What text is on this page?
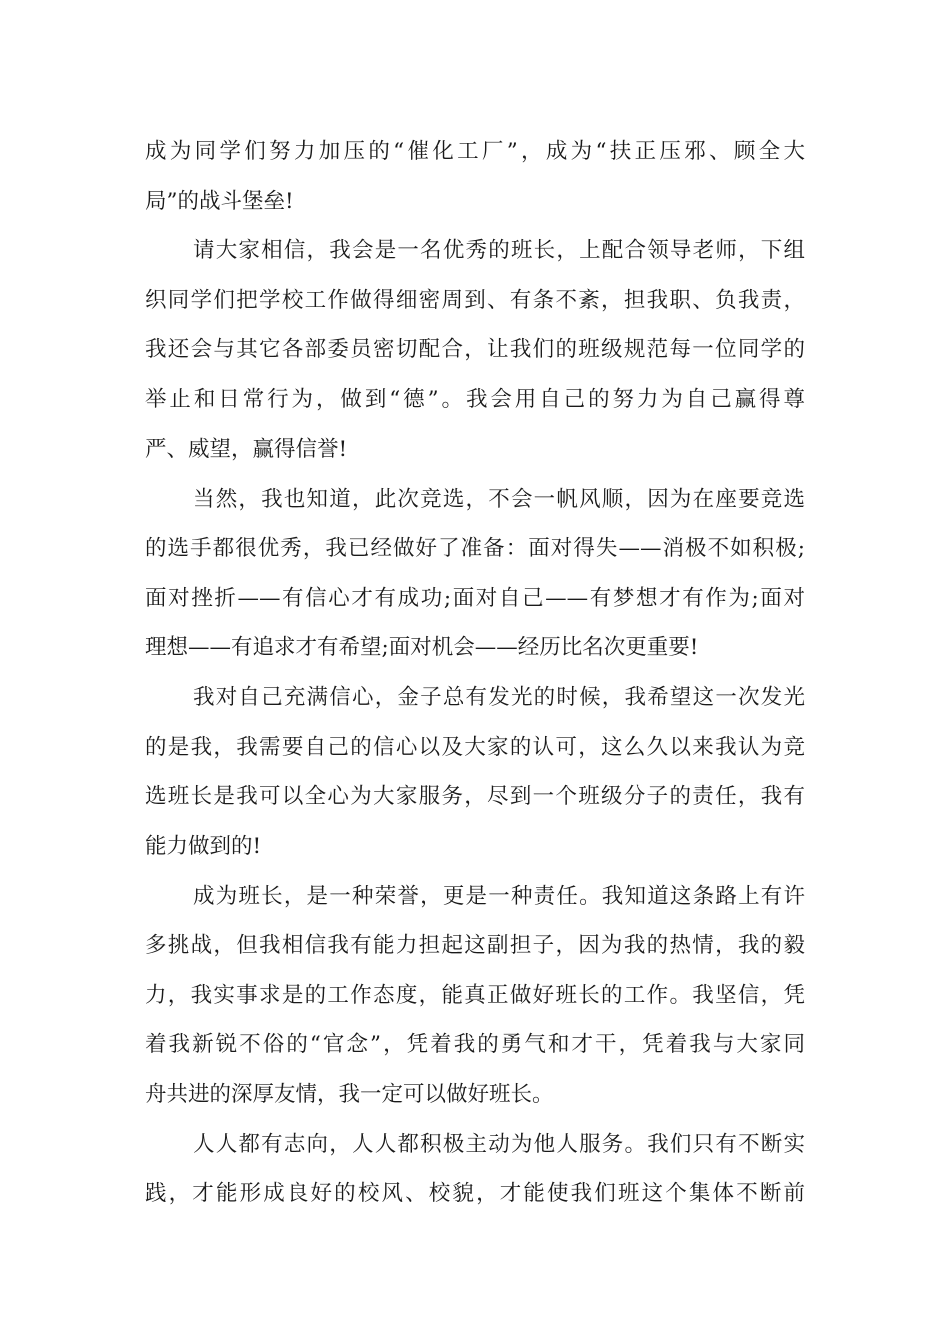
成为同学们努力加压的“催化工厂”，成为“扶正压邪、顾全大
局”的战斗堡垒!
请大家相信，我会是一名优秀的班长，上配合领导老师，下组
织同学们把学校工作做得细密周到、有条不紊，担我职、负我责，
我还会与其它各部委员密切配合，让我们的班级规范每一位同学的
举止和日常行为，做到“德”。我会用自己的努力为自己赢得尊
严、威望，赢得信誉!
当然，我也知道，此次竞选，不会一帆风顺，因为在座要竞选
的选手都很优秀，我已经做好了准备：面对得失——消极不如积极;
面对挫折——有信心才有成功;面对自己——有梦想才有作为;面对
理想——有追求才有希望;面对机会——经历比名次更重要!
我对自己充满信心，金子总有发光的时候，我希望这一次发光
的是我，我需要自己的信心以及大家的认可，这么久以来我认为竞
选班长是我可以全心为大家服务，尽到一个班级分子的责任，我有
能力做到的!
成为班长，是一种荣誉，更是一种责任。我知道这条路上有许
多挑战，但我相信我有能力担起这副担子，因为我的热情，我的毅
力，我实事求是的工作态度，能真正做好班长的工作。我坚信，凭
着我新锐不俗的“官念”，凭着我的勇气和才干，凭着我与大家同
舟共进的深厚友情，我一定可以做好班长。
人人都有志向，人人都积极主动为他人服务。我们只有不断实
践，才能形成良好的校风、校貌，才能使我们班这个集体不断前
